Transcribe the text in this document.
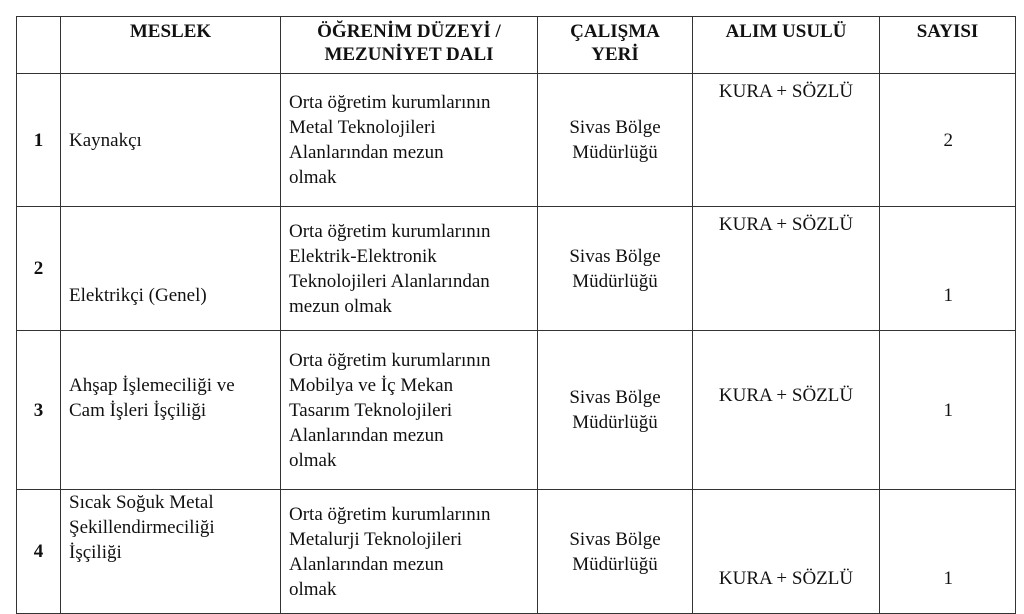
	MESLEK	ÖĞRENİM DÜZEYİ /
MEZUNİYET DALI	ÇALIŞMA
YERİ	ALIM USULÜ	SAYISI
1	Kaynakçı	Orta öğretim kurumlarının
Metal Teknolojileri
Alanlarından mezun
olmak	Sivas Bölge
Müdürlüğü	KURA + SÖZLÜ	2
2	Elektrikçi (Genel)	Orta öğretim kurumlarının
Elektrik-Elektronik
Teknolojileri Alanlarından
mezun olmak	Sivas Bölge
Müdürlüğü	KURA + SÖZLÜ	1
3	Ahşap İşlemeciliği ve
Cam İşleri İşçiliği	Orta öğretim kurumlarının
Mobilya ve İç Mekan
Tasarım Teknolojileri
Alanlarından mezun
olmak	Sivas Bölge
Müdürlüğü	KURA + SÖZLÜ	1
4	Sıcak Soğuk Metal
Şekillendirmeciliği
İşçiliği	Orta öğretim kurumlarının
Metalurji Teknolojileri
Alanlarından mezun
olmak	Sivas Bölge
Müdürlüğü	KURA + SÖZLÜ	1
